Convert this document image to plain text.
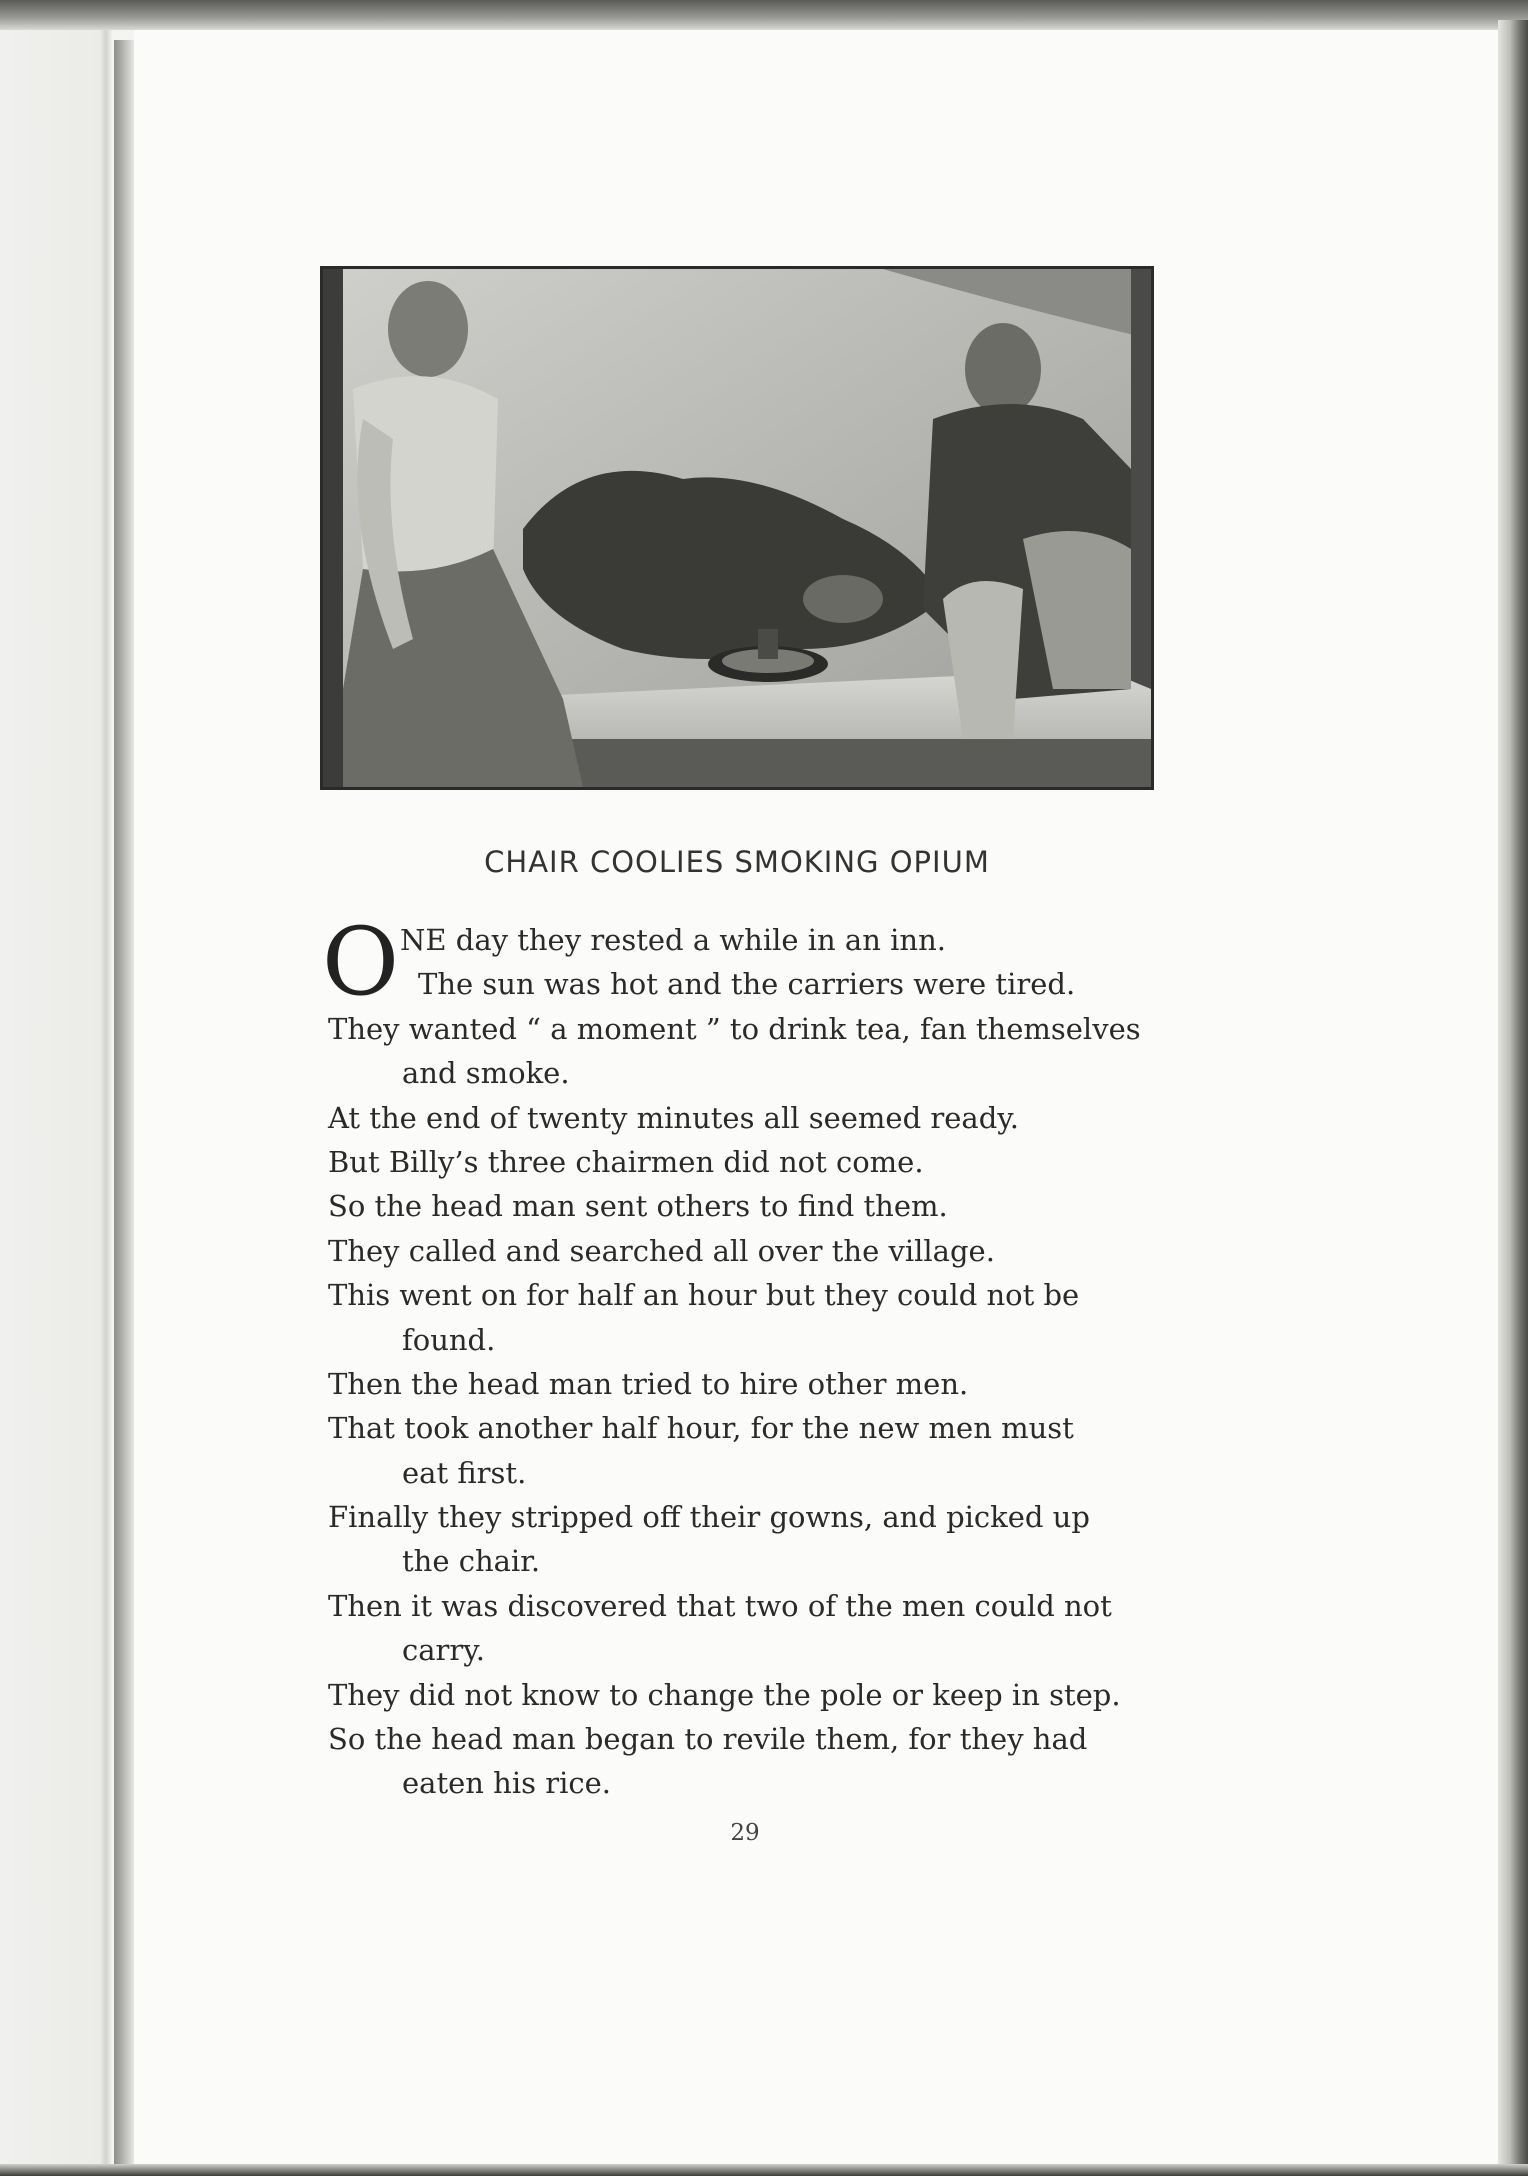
CHAIR COOLIES SMOKING OPIUM
O NE day they rested a while in an inn.
The sun was hot and the carriers were tired.
They wanted “ a moment ” to drink tea, fan themselves
and smoke.
At the end of twenty minutes all seemed ready.
But Billy’s three chairmen did not come.
So the head man sent others to find them.
They called and searched all over the village.
This went on for half an hour but they could not be
found.
Then the head man tried to hire other men.
That took another half hour, for the new men must
eat first.
Finally they stripped off their gowns, and picked up
the chair.
Then it was discovered that two of the men could not
carry.
They did not know to change the pole or keep in step.
So the head man began to revile them, for they had
eaten his rice.
29
